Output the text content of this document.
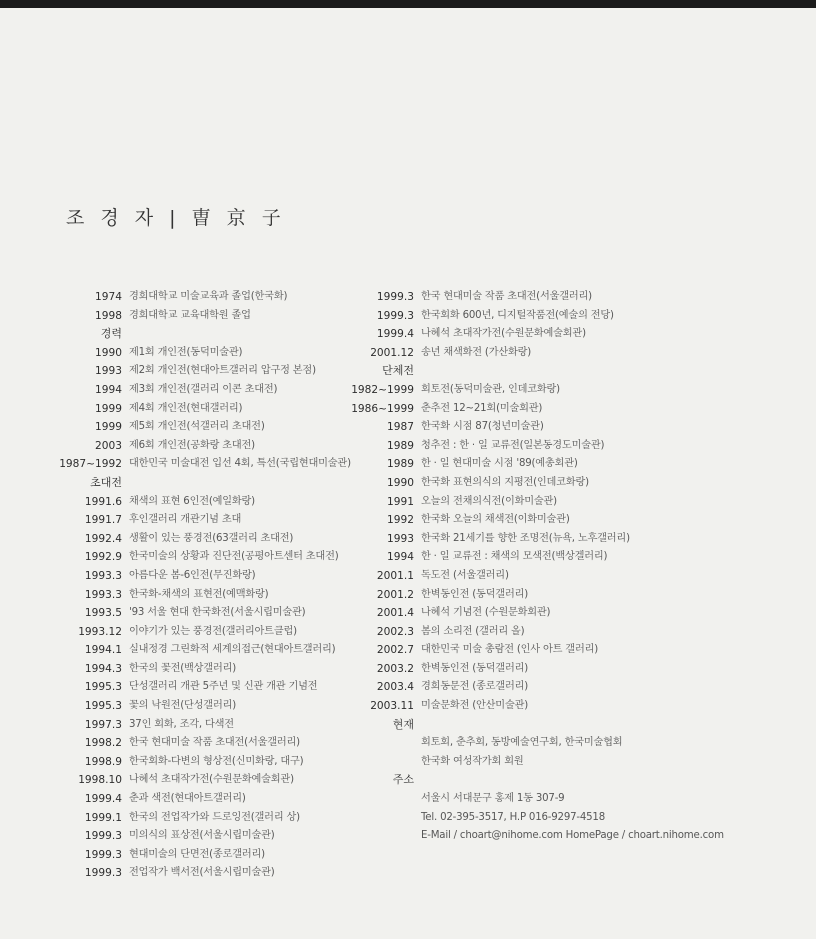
조 경 자 | 曺 京 子
1974 경희대학교 미술교육과 졸업(한국화)
1998 경희대학교 교육대학원 졸업
경력
1990 제1회 개인전(동덕미술관)
1993 제2회 개인전(현대아트갤러리 압구정 본점)
1994 제3회 개인전(갤러리 이콘 초대전)
1999 제4회 개인전(현대갤러리)
1999 제5회 개인전(석갤러리 초대전)
2003 제6회 개인전(공화랑 초대전)
1987~1992 대한민국 미술대전 입선 4회, 특선(국립현대미술관)
초대전
1991.6 채색의 표현 6인전(예일화랑)
1991.7 후인갤러리 개관기념 초대
1992.4 생활이 있는 풍경전(63갤러리 초대전)
1992.9 한국미술의 상황과 진단전(공평아트센터 초대전)
1993.3 아름다운 봄-6인전(무진화랑)
1993.3 한국화-채색의 표현전(예맥화랑)
1993.5 '93 서울 현대 한국화전(서울시립미술관)
1993.12 이야기가 있는 풍경전(갤러리아트클럽)
1994.1 실내정경 그린화적 세계의접근(현대아트갤러리)
1994.3 한국의 꽃전(백상갤러리)
1995.3 단성갤러리 개관 5주년 및 신관 개관 기념전
1995.3 꽃의 낙원전(단성갤러리)
1997.3 37인 회화, 조각, 다색전
1998.2 한국 현대미술 작품 초대전(서울갤러리)
1998.9 한국회화-다변의 형상전(신미화랑, 대구)
1998.10 나혜석 초대작가전(수원문화예술회관)
1999.4 춘과 색전(현대아트갤러리)
1999.1 한국의 전업작가와 드로잉전(갤러리 상)
1999.3 미의식의 표상전(서울시립미술관)
1999.3 현대미술의 단면전(종로갤러리)
1999.3 전업작가 백서전(서울시립미술관)
1999.3 한국 현대미술 작품 초대전(서울갤러리)
1999.3 한국회화 600년, 디지털작품전(예술의 전당)
1999.4 나혜석 초대작가전(수원문화예술회관)
2001.12 송년 채색화전 (가산화랑)
단체전
1982~1999 회토전(동덕미술관, 인데코화랑)
1986~1999 춘추전 12~21회(미술회관)
1987 한국화 시점 87(청년미술관)
1989 청추전 : 한 · 일 교류전(일본동경도미술관)
1989 한 · 일 현대미술 시점 '89(예총회관)
1990 한국화 표현의식의 지평전(인데코화랑)
1991 오늘의 전채의식전(이화미술관)
1992 한국화 오늘의 채색전(이화미술관)
1993 한국화 21세기를 향한 조명전(뉴욕, 노후갤러리)
1994 한 · 일 교류전 : 채색의 모색전(백상겔러리)
2001.1 독도전 (서울갤러리)
2001.2 한벽동인전 (동덕갤러리)
2001.4 나혜석 기념전 (수원문화회관)
2002.3 봄의 소리전 (갤러리 올)
2002.7 대한민국 미술 총람전 (인사 아트 갤러리)
2003.2 한벽동인전 (동덕갤러리)
2003.4 경희동문전 (종로갤러리)
2003.11 미술문화전 (안산미술관)
현재
회토회, 춘추회, 동방예술연구회, 한국미술협회
한국화 여성작가회 회원
주소
서울시 서대문구 홍제 1동 307-9
Tel. 02-395-3517, H.P 016-9297-4518
E-Mail / choart@nihome.com HomePage / choart.nihome.com
